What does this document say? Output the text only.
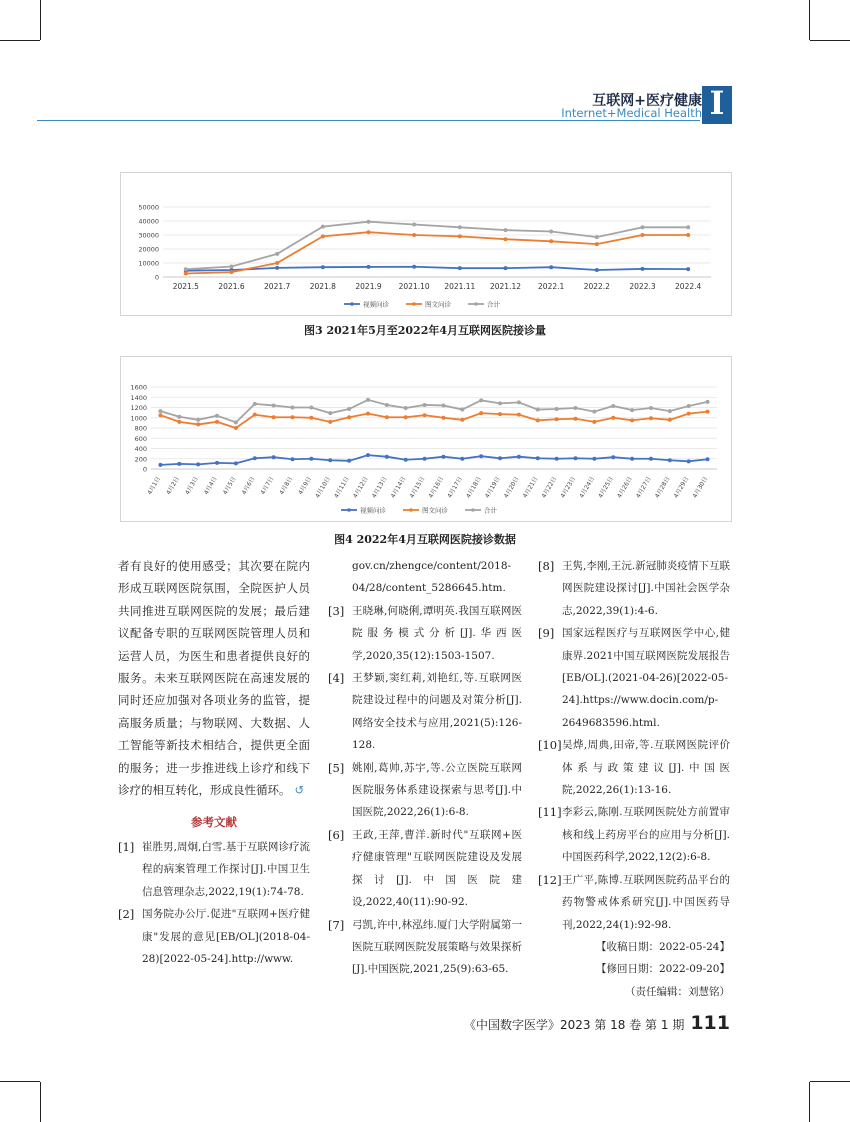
互联网+医疗健康
Internet+Medical Health I
0
10000
20000
30000
40000
50000
2021.5	2021.6	2021.7	2021.8	2021.9 2021.10 2021.11 2021.12 2022.1	2022.2	2022.3	2022.4
视频问诊	图文问诊	合计
图3 2021年5月至2022年4月互联网医院接诊量
0
200
400
600
800
1000
1200
1400
1600
4月1日 4月2日 4月3日 4月4日 4月5日 4月6日 4月7日 4月8日 4月9日 4月10日 4月11日 4月12日 4月13日 4月14日 4月15日 4月16日 4月17日 4月18日 4月19日 4月20日 4月21日 4月22日 4月23日 4月24日 4月25日 4月26日 4月27日 4月28日 4月29日 4月30日
视频问诊	图文问诊	合计
图4 2022年4月互联网医院接诊数据

者有良好的使用感受；其次要在院内形成互联网医院氛围，全院医护人员共同推进互联网医院的发展；最后建议配备专职的互联网医院管理人员和运营人员，为医生和患者提供良好的服务。未来互联网医院在高速发展的同时还应加强对各项业务的监管，提高服务质量；与物联网、大数据、人工智能等新技术相结合，提供更全面的服务；进一步推进线上诊疗和线下诊疗的相互转化，形成良性循环。 ↺

参考文献
[1] 崔胜男,周炯,白雪.基于互联网诊疗流程的病案管理工作探讨[J].中国卫生信息管理杂志,2022,19(1):74-78.
[2] 国务院办公厅.促进"互联网+医疗健康"发展的意见[EB/OL](2018-04-28)[2022-05-24].http://www.

gov.cn/zhengce/content/2018-04/28/content_5286645.htm.

[3] 王晓琳,何晓俐,谭明英.我国互联网医院服务模式分析[J].华西医学,2020,35(12):1503-1507.
[4] 王梦颖,窦红莉,刘艳红,等.互联网医院建设过程中的问题及对策分析[J].网络安全技术与应用,2021(5):126-128.
[5] 姚刚,葛帅,苏宇,等.公立医院互联网医院服务体系建设探索与思考[J].中国医院,2022,26(1):6-8.
[6] 王政,王萍,曹洋.新时代"互联网+医疗健康管理"互联网医院建设及发展探讨[J].中国医院建设,2022,40(11):90-92.
[7] 弓凯,许中,林泓纬.厦门大学附属第一医院互联网医院发展策略与效果探析[J].中国医院,2021,25(9):63-65.
[8] 王隽,李刚,王沅.新冠肺炎疫情下互联网医院建设探讨[J].中国社会医学杂志,2022,39(1):4-6.
[9] 国家远程医疗与互联网医学中心,健康界.2021中国互联网医院发展报告[EB/OL].(2021-04-26)[2022-05-24].https://www.docin.com/p-2649683596.html.
[10] 吴烨,周典,田帝,等.互联网医院评价体系与政策建议[J].中国医院,2022,26(1):13-16.
[11] 李彩云,陈刚.互联网医院处方前置审核和线上药房平台的应用与分析[J].中国医药科学,2022,12(2):6-8.
[12] 王广平,陈博.互联网医院药品平台的药物警戒体系研究[J].中国医药导刊,2022,24(1):92-98.

【收稿日期：2022-05-24】

【修回日期：2022-09-20】

（责任编辑：刘慧铭）

《中国数字医学》2023 第 18 卷 第 1 期 111
